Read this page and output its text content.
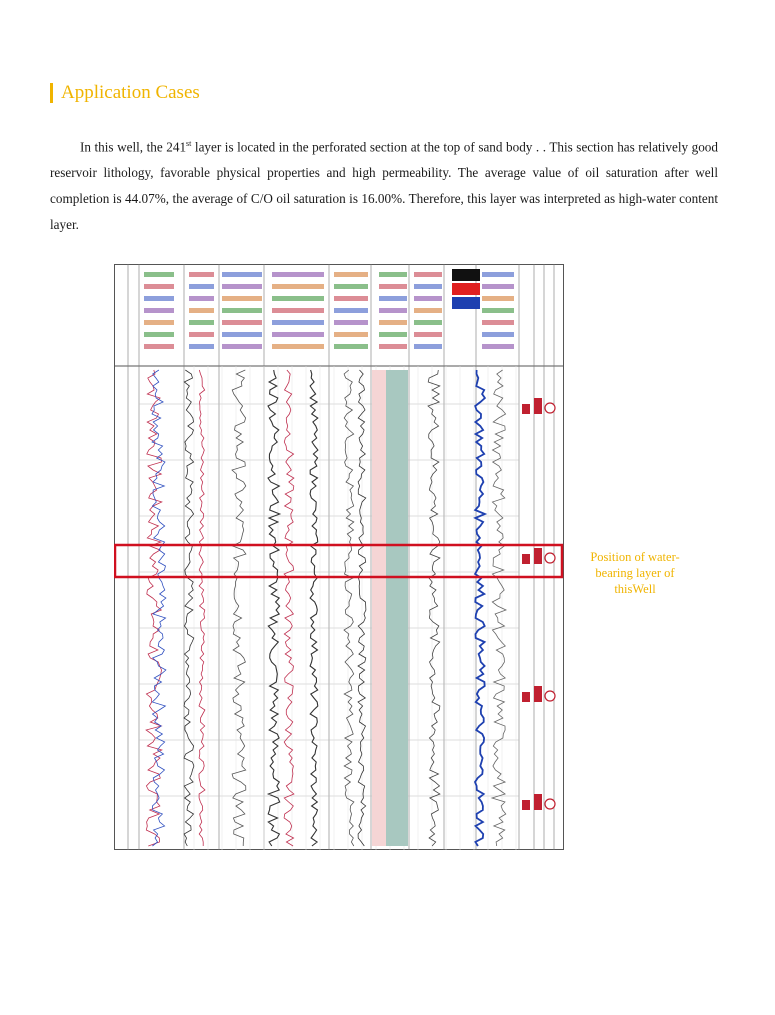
Application Cases

In this well, the 241st layer is located in the perforated section at the top of sand body . . This section has relatively good reservoir lithology, favorable physical properties and high permeability. The average value of oil saturation after well completion is 44.07%, the average of C/O oil saturation is 16.00%. Therefore, this layer was interpreted as high-water content layer.

Position of water-bearing layer of thisWell
